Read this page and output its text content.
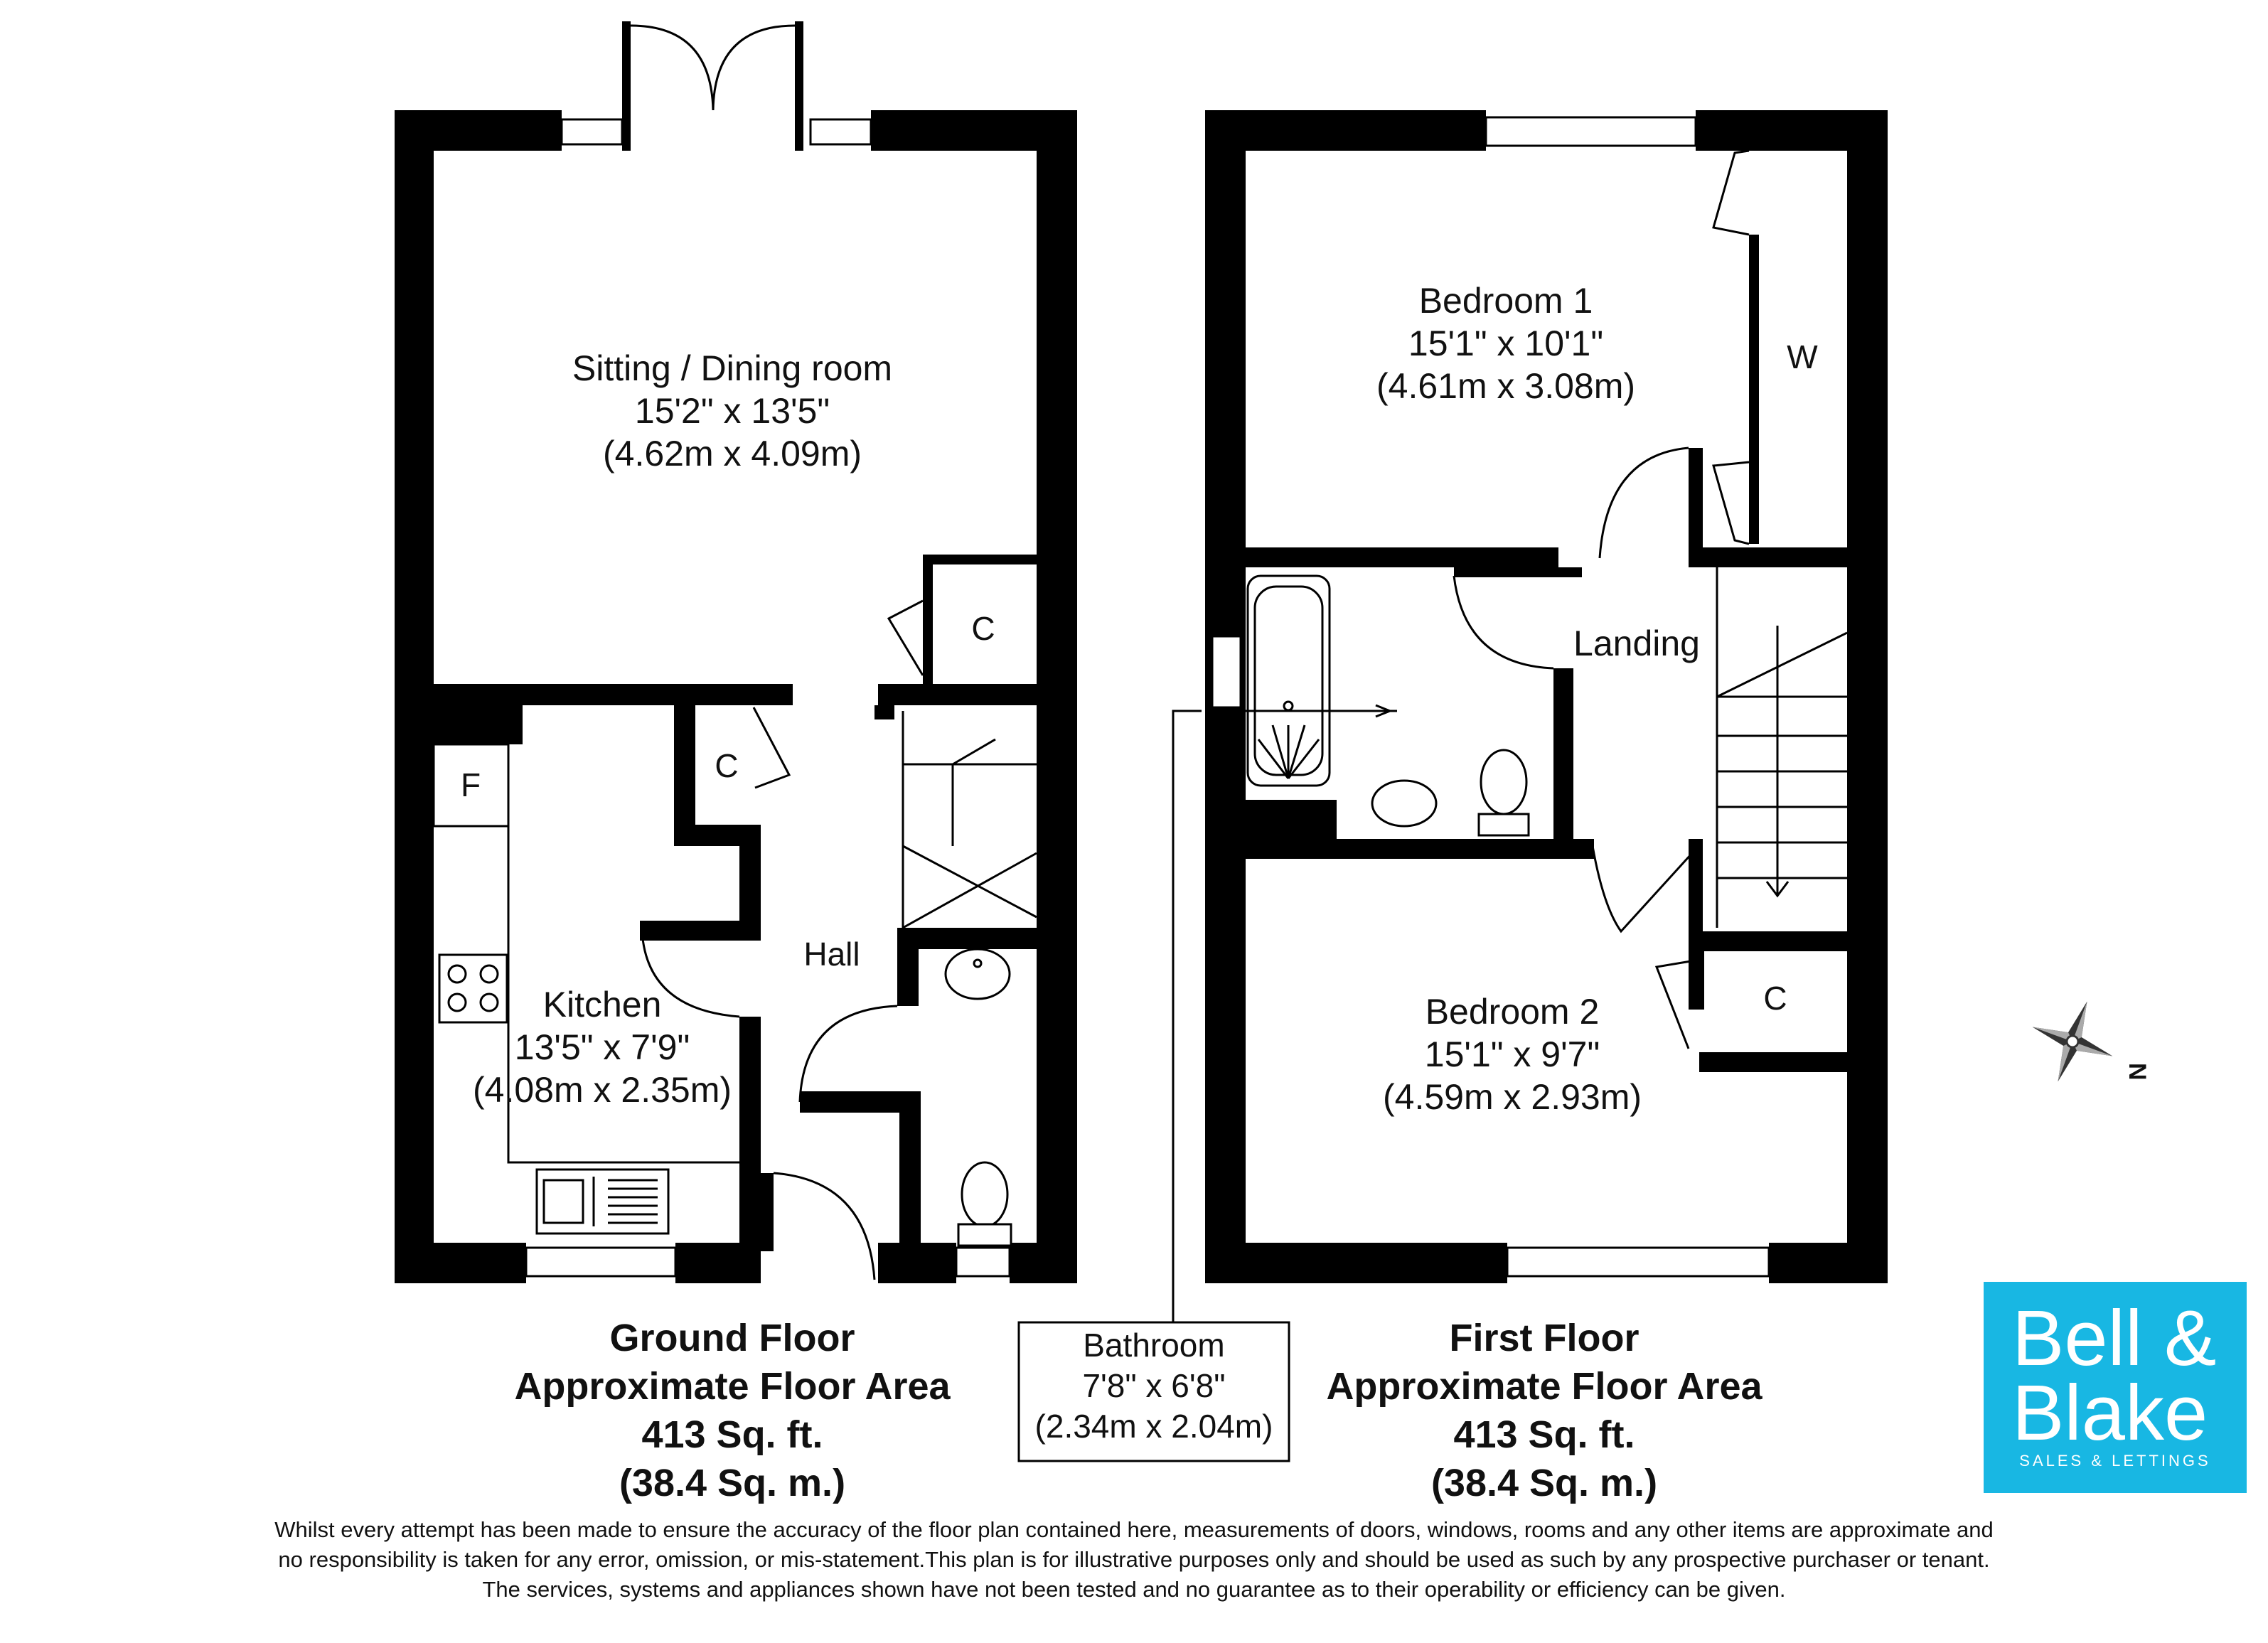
Sitting / Dining room
15'2" x 13'5"
(4.62m x 4.09m)
C
C
F
Hall
Kitchen
13'5" x 7'9"
(4.08m x 2.35m)
Bedroom 1
15'1" x 10'1"
(4.61m x 3.08m)
W
Landing
C
Bedroom 2
15'1" x 9'7"
(4.59m x 2.93m)
Bathroom
7'8" x 6'8"
(2.34m x 2.04m)
Ground Floor
Approximate Floor Area
413 Sq. ft.
(38.4 Sq. m.)
First Floor
Approximate Floor Area
413 Sq. ft.
(38.4 Sq. m.)
N
Bell &
Blake
SALES & LETTINGS
Whilst every attempt has been made to ensure the accuracy of the floor plan contained here, measurements of doors, windows, rooms and any other items are approximate and
no responsibility is taken for any error, omission, or mis-statement.This plan is for illustrative purposes only and should be used as such by any prospective purchaser or tenant.
The services, systems and appliances shown have not been tested and no guarantee as to their operability or efficiency can be given.
